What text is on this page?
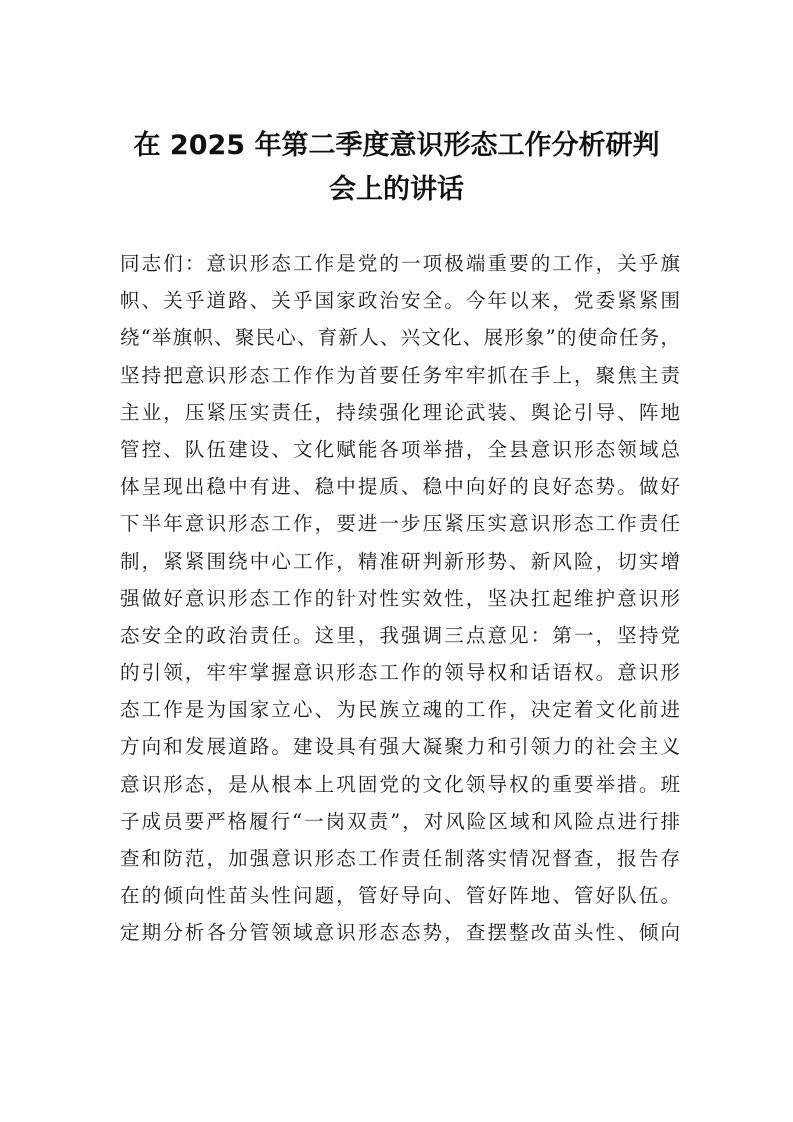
在 2025 年第二季度意识形态工作分析研判
会上的讲话
同志们：意识形态工作是党的一项极端重要的工作，关乎旗
帜、关乎道路、关乎国家政治安全。今年以来，党委紧紧围
绕“举旗帜、聚民心、育新人、兴文化、展形象”的使命任务，
坚持把意识形态工作作为首要任务牢牢抓在手上，聚焦主责
主业，压紧压实责任，持续强化理论武装、舆论引导、阵地
管控、队伍建设、文化赋能各项举措，全县意识形态领域总
体呈现出稳中有进、稳中提质、稳中向好的良好态势。做好
下半年意识形态工作，要进一步压紧压实意识形态工作责任
制，紧紧围绕中心工作，精准研判新形势、新风险，切实增
强做好意识形态工作的针对性实效性，坚决扛起维护意识形
态安全的政治责任。这里，我强调三点意见：第一，坚持党
的引领，牢牢掌握意识形态工作的领导权和话语权。意识形
态工作是为国家立心、为民族立魂的工作，决定着文化前进
方向和发展道路。建设具有强大凝聚力和引领力的社会主义
意识形态，是从根本上巩固党的文化领导权的重要举措。班
子成员要严格履行“一岗双责”，对风险区域和风险点进行排
查和防范，加强意识形态工作责任制落实情况督查，报告存
在的倾向性苗头性问题，管好导向、管好阵地、管好队伍。
定期分析各分管领域意识形态态势，查摆整改苗头性、倾向
